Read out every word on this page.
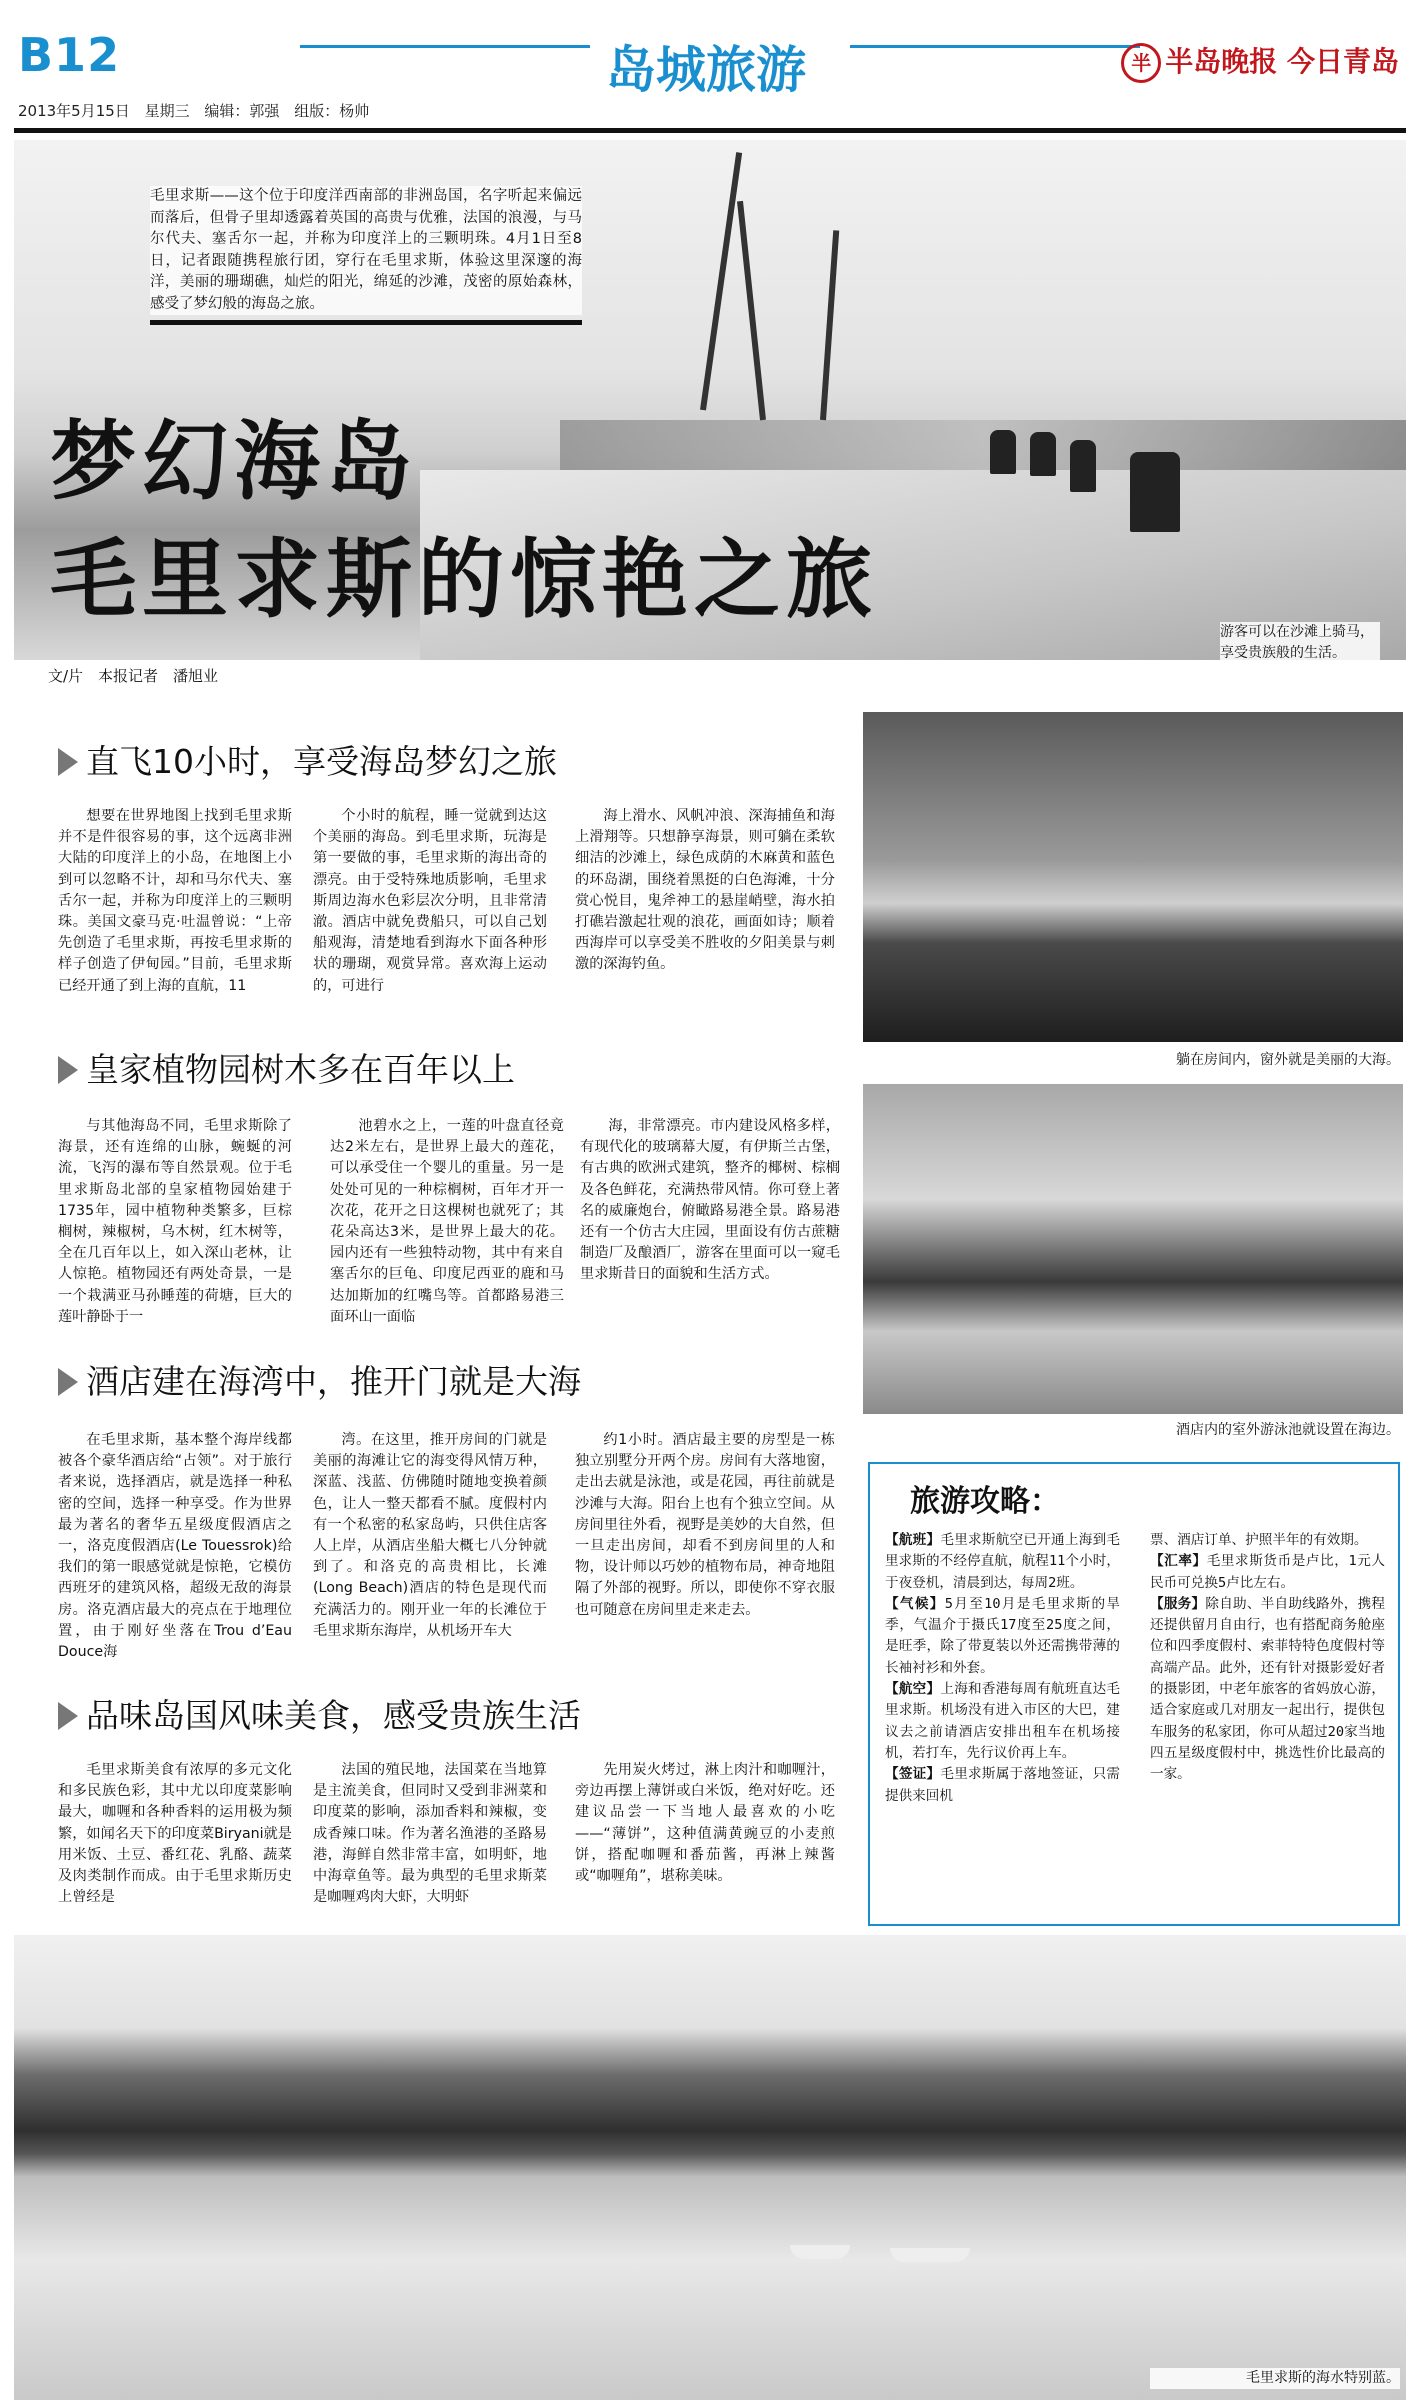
B12	岛城旅游	半 半岛晚报 今日青岛
2013年5月15日 星期三 编辑：郭强 组版：杨帅
毛里求斯——这个位于印度洋西南部的非洲岛国，名字听起来偏远而落后，但骨子里却透露着英国的高贵与优雅，法国的浪漫，与马尔代夫、塞舌尔一起，并称为印度洋上的三颗明珠。4月1日至8日，记者跟随携程旅行团，穿行在毛里求斯，体验这里深邃的海洋，美丽的珊瑚礁，灿烂的阳光，绵延的沙滩，茂密的原始森林，感受了梦幻般的海岛之旅。
梦幻海岛
毛里求斯的惊艳之旅
游客可以在沙滩上骑马，享受贵族般的生活。
文/片　本报记者　潘旭业
直飞10小时，享受海岛梦幻之旅

想要在世界地图上找到毛里求斯并不是件很容易的事，这个远离非洲大陆的印度洋上的小岛，在地图上小到可以忽略不计，却和马尔代夫、塞舌尔一起，并称为印度洋上的三颗明珠。美国文豪马克·吐温曾说：“上帝先创造了毛里求斯，再按毛里求斯的样子创造了伊甸园。”目前，毛里求斯已经开通了到上海的直航，11

个小时的航程，睡一觉就到达这个美丽的海岛。到毛里求斯，玩海是第一要做的事，毛里求斯的海出奇的漂亮。由于受特殊地质影响，毛里求斯周边海水色彩层次分明，且非常清澈。酒店中就免费船只，可以自己划船观海，清楚地看到海水下面各种形状的珊瑚，观赏异常。喜欢海上运动的，可进行

海上滑水、风帆冲浪、深海捕鱼和海上滑翔等。只想静享海景，则可躺在柔软细洁的沙滩上，绿色成荫的木麻黄和蓝色的环岛湖，围绕着黑挺的白色海滩，十分赏心悦目，鬼斧神工的悬崖峭壁，海水拍打礁岩激起壮观的浪花，画面如诗；顺着西海岸可以享受美不胜收的夕阳美景与刺激的深海钓鱼。

躺在房间内，窗外就是美丽的大海。
酒店内的室外游泳池就设置在海边。
皇家植物园树木多在百年以上

与其他海岛不同，毛里求斯除了海景，还有连绵的山脉，蜿蜒的河流，飞泻的瀑布等自然景观。位于毛里求斯岛北部的皇家植物园始建于1735年，园中植物种类繁多，巨棕榈树，辣椒树，乌木树，红木树等，全在几百年以上，如入深山老林，让人惊艳。植物园还有两处奇景，一是一个栽满亚马孙睡莲的荷塘，巨大的莲叶静卧于一

池碧水之上，一莲的叶盘直径竟达2米左右，是世界上最大的莲花，可以承受住一个婴儿的重量。另一是处处可见的一种棕榈树，百年才开一次花，花开之日这棵树也就死了；其花朵高达3米，是世界上最大的花。园内还有一些独特动物，其中有来自塞舌尔的巨龟、印度尼西亚的鹿和马达加斯加的红嘴鸟等。首都路易港三面环山一面临

海，非常漂亮。市内建设风格多样，有现代化的玻璃幕大厦，有伊斯兰古堡，有古典的欧洲式建筑，整齐的椰树、棕榈及各色鲜花，充满热带风情。你可登上著名的威廉炮台，俯瞰路易港全景。路易港还有一个仿古大庄园，里面设有仿古蔗糖制造厂及酿酒厂，游客在里面可以一窥毛里求斯昔日的面貌和生活方式。

酒店建在海湾中，推开门就是大海

在毛里求斯，基本整个海岸线都被各个豪华酒店给“占领”。对于旅行者来说，选择酒店，就是选择一种私密的空间，选择一种享受。作为世界最为著名的奢华五星级度假酒店之一，洛克度假酒店(Le Touessrok)给我们的第一眼感觉就是惊艳，它模仿西班牙的建筑风格，超级无敌的海景房。洛克酒店最大的亮点在于地理位置，由于刚好坐落在Trou d’Eau Douce海

湾。在这里，推开房间的门就是美丽的海滩让它的海变得风情万种，深蓝、浅蓝、仿佛随时随地变换着颜色，让人一整天都看不腻。度假村内有一个私密的私家岛屿，只供住店客人上岸，从酒店坐船大概七八分钟就到了。和洛克的高贵相比，长滩(Long Beach)酒店的特色是现代而充满活力的。刚开业一年的长滩位于毛里求斯东海岸，从机场开车大

约1小时。酒店最主要的房型是一栋独立别墅分开两个房。房间有大落地窗，走出去就是泳池，或是花园，再往前就是沙滩与大海。阳台上也有个独立空间。从房间里往外看，视野是美妙的大自然，但一旦走出房间，却看不到房间里的人和物，设计师以巧妙的植物布局，神奇地阻隔了外部的视野。所以，即使你不穿衣服也可随意在房间里走来走去。

品味岛国风味美食，感受贵族生活

毛里求斯美食有浓厚的多元文化和多民族色彩，其中尤以印度菜影响最大，咖喱和各种香料的运用极为频繁，如闻名天下的印度菜Biryani就是用米饭、土豆、番红花、乳酪、蔬菜及肉类制作而成。由于毛里求斯历史上曾经是

法国的殖民地，法国菜在当地算是主流美食，但同时又受到非洲菜和印度菜的影响，添加香料和辣椒，变成香辣口味。作为著名渔港的圣路易港，海鲜自然非常丰富，如明虾，地中海章鱼等。最为典型的毛里求斯菜是咖喱鸡肉大虾，大明虾

先用炭火烤过，淋上肉汁和咖喱汁，旁边再摆上薄饼或白米饭，绝对好吃。还建议品尝一下当地人最喜欢的小吃——“薄饼”，这种值满黄豌豆的小麦煎饼，搭配咖喱和番茄酱，再淋上辣酱或“咖喱角”，堪称美味。

旅游攻略：

【航班】毛里求斯航空已开通上海到毛里求斯的不经停直航，航程11个小时，于夜登机，清晨到达，每周2班。

【气候】5月至10月是毛里求斯的旱季，气温介于摄氏17度至25度之间，是旺季，除了带夏装以外还需携带薄的长袖衬衫和外套。

【航空】上海和香港每周有航班直达毛里求斯。机场没有进入市区的大巴，建议去之前请酒店安排出租车在机场接机，若打车，先行议价再上车。

【签证】毛里求斯属于落地签证，只需提供来回机

票、酒店订单、护照半年的有效期。

【汇率】毛里求斯货币是卢比，1元人民币可兑换5卢比左右。

【服务】除自助、半自助线路外，携程还提供留月自由行，也有搭配商务舱座位和四季度假村、索菲特特色度假村等高端产品。此外，还有针对摄影爱好者的摄影团，中老年旅客的省妈放心游，适合家庭或几对朋友一起出行，提供包车服务的私家团，你可从超过20家当地四五星级度假村中，挑选性价比最高的一家。

毛里求斯的海水特别蓝。
